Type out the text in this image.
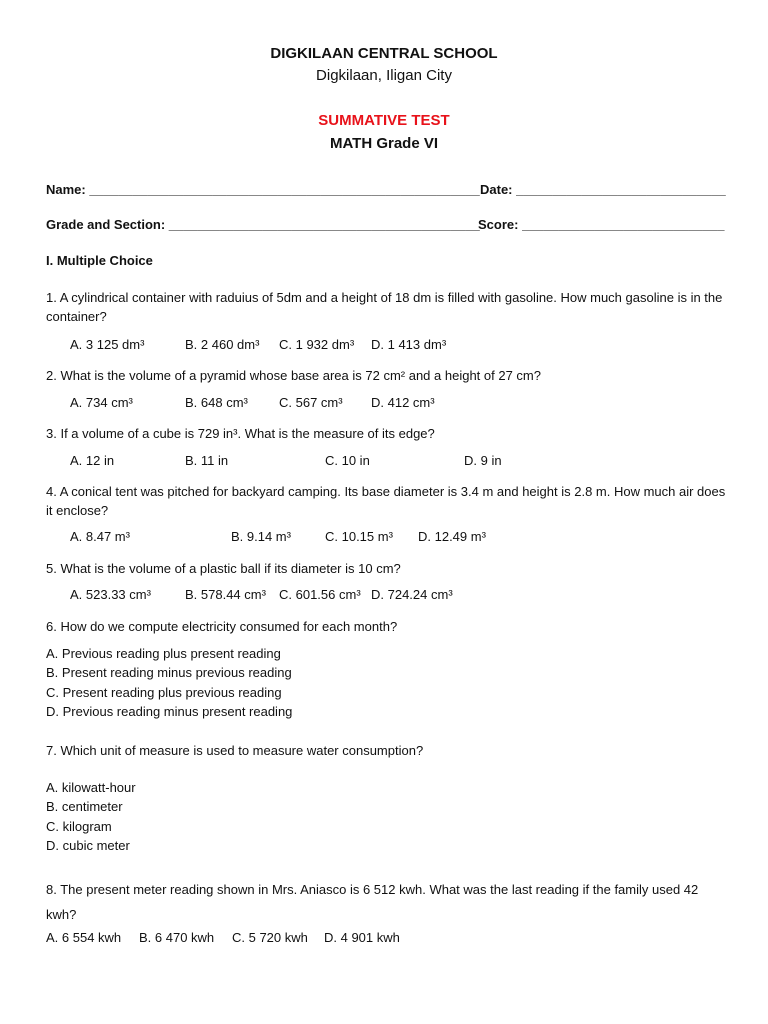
DIGKILAAN CENTRAL SCHOOL
Digkilaan, Iligan City
SUMMATIVE TEST
MATH Grade VI
Name: ______________________________________________________ Date: _____________________________
Grade and Section: ___________________________________________
Score: ____________________________
I. Multiple Choice
1. A cylindrical container with raduius of 5dm and a height of 18 dm is filled with gasoline. How much gasoline is in the container?
A. 3 125 dm³	B. 2 460 dm³ C. 1 932 dm³ D. 1 413 dm³
2. What is the volume of a pyramid whose base area is 72 cm² and a height of 27 cm?
A. 734 cm³	B. 648 cm³ C. 567 cm³ D. 412 cm³
3. If a volume of a cube is 729 in³. What is the measure of its edge?
A. 12 in	B. 11 in	C. 10 in	D. 9 in
4. A conical tent was pitched for backyard camping. Its base diameter is 3.4 m and height is 2.8 m. How much air does it enclose?
A. 8.47 m³	B. 9.14 m³	C. 10.15 m³ D. 12.49 m³
5. What is the volume of a plastic ball if its diameter is 10 cm?
A. 523.33 cm³	B. 578.44 cm³ C. 601.56 cm³ D. 724.24 cm³
6. How do we compute electricity consumed for each month?
A. Previous reading plus present reading
B. Present reading minus previous reading
C. Present reading plus previous reading
D. Previous reading minus present reading
7. Which unit of measure is used to measure water consumption?
A. kilowatt-hour
B. centimeter
C. kilogram
D. cubic meter
8. The present meter reading shown in Mrs. Aniasco is 6 512 kwh. What was the last reading if the family used 42 kwh?
A. 6 554 kwh B. 6 470 kwh C. 5 720 kwh D. 4 901 kwh
